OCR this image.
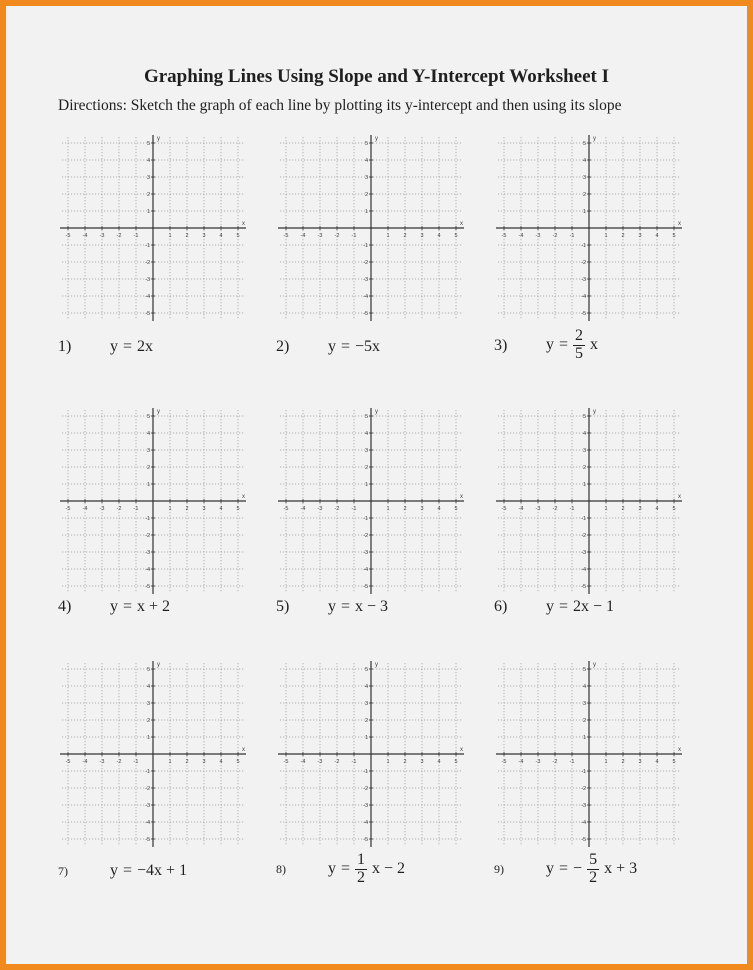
Graphing Lines Using Slope and Y-Intercept Worksheet I
Directions: Sketch the graph of each line by plotting its y-intercept and then using its slope
-5 -4 -3 -2 -1	1	2	3	4	5
5
4
3
2
1
-1
-2
-3
-4
-5
x
y
-5 -4 -3 -2 -1	1	2	3	4	5
5
4
3
2
1
-1
-2
-3
-4
-5
x
y
-5 -4 -3 -2 -1	1	2	3	4	5
5
4
3
2
1
-1
-2
-3
-4
-5
x
y
1) y = 2x	2) y = −5x	3) $y = \frac{2}{5}$ x
-5 -4 -3 -2 -1	1	2	3	4	5
5
4
3
2
1
-1
-2
-3
-4
-5
x
y
-5 -4 -3 -2 -1	1	2	3	4	5
5
4
3
2
1
-1
-2
-3
-4
-5
x
y
-5 -4 -3 -2 -1	1	2	3	4	5
5
4
3
2
1
-1
-2
-3
-4
-5
x
y
4) y = x + 2	5) y = x − 3	6) y = 2x − 1
-5 -4 -3 -2 -1	1	2	3	4	5
5
4
3
2
1
-1
-2
-3
-4
-5
x
y
-5 -4 -3 -2 -1	1	2	3	4	5
5
4
3
2
1
-1
-2
-3
-4
-5
x
y
-5 -4 -3 -2 -1	1	2	3	4	5
5
4
3
2
1
-1
-2
-3
-4
-5
x
y
7)	y = −4x + 1	8)	$y = \frac{1}{2}$ x − 2	9)	y = − $\frac{5}{2}$ x + 3
